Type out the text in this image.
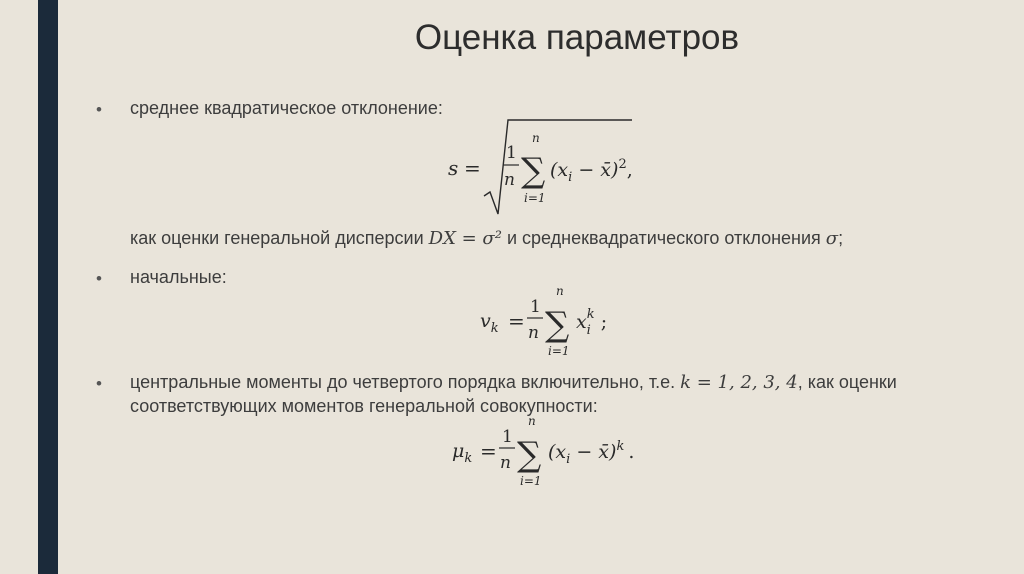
Оценка параметров
• среднее квадратическое отклонение:
s =
1
n
n
∑
i=1
($x_i$ − x̄)$^2$,
как оценки генеральной дисперсии DX = σ² и среднеквадратического отклонения σ;
• начальные:
$v_k$ =
1
n
n
∑
i=1
$x^k$ i ;
• центральные моменты до четвертого порядка включительно, т.е. k = 1, 2, 3, 4, как оценки
соответствующих моментов генеральной совокупности:
$\mu_k$ =
1
n
n
∑
i=1
($x_i$ − x̄)$^k$ .
